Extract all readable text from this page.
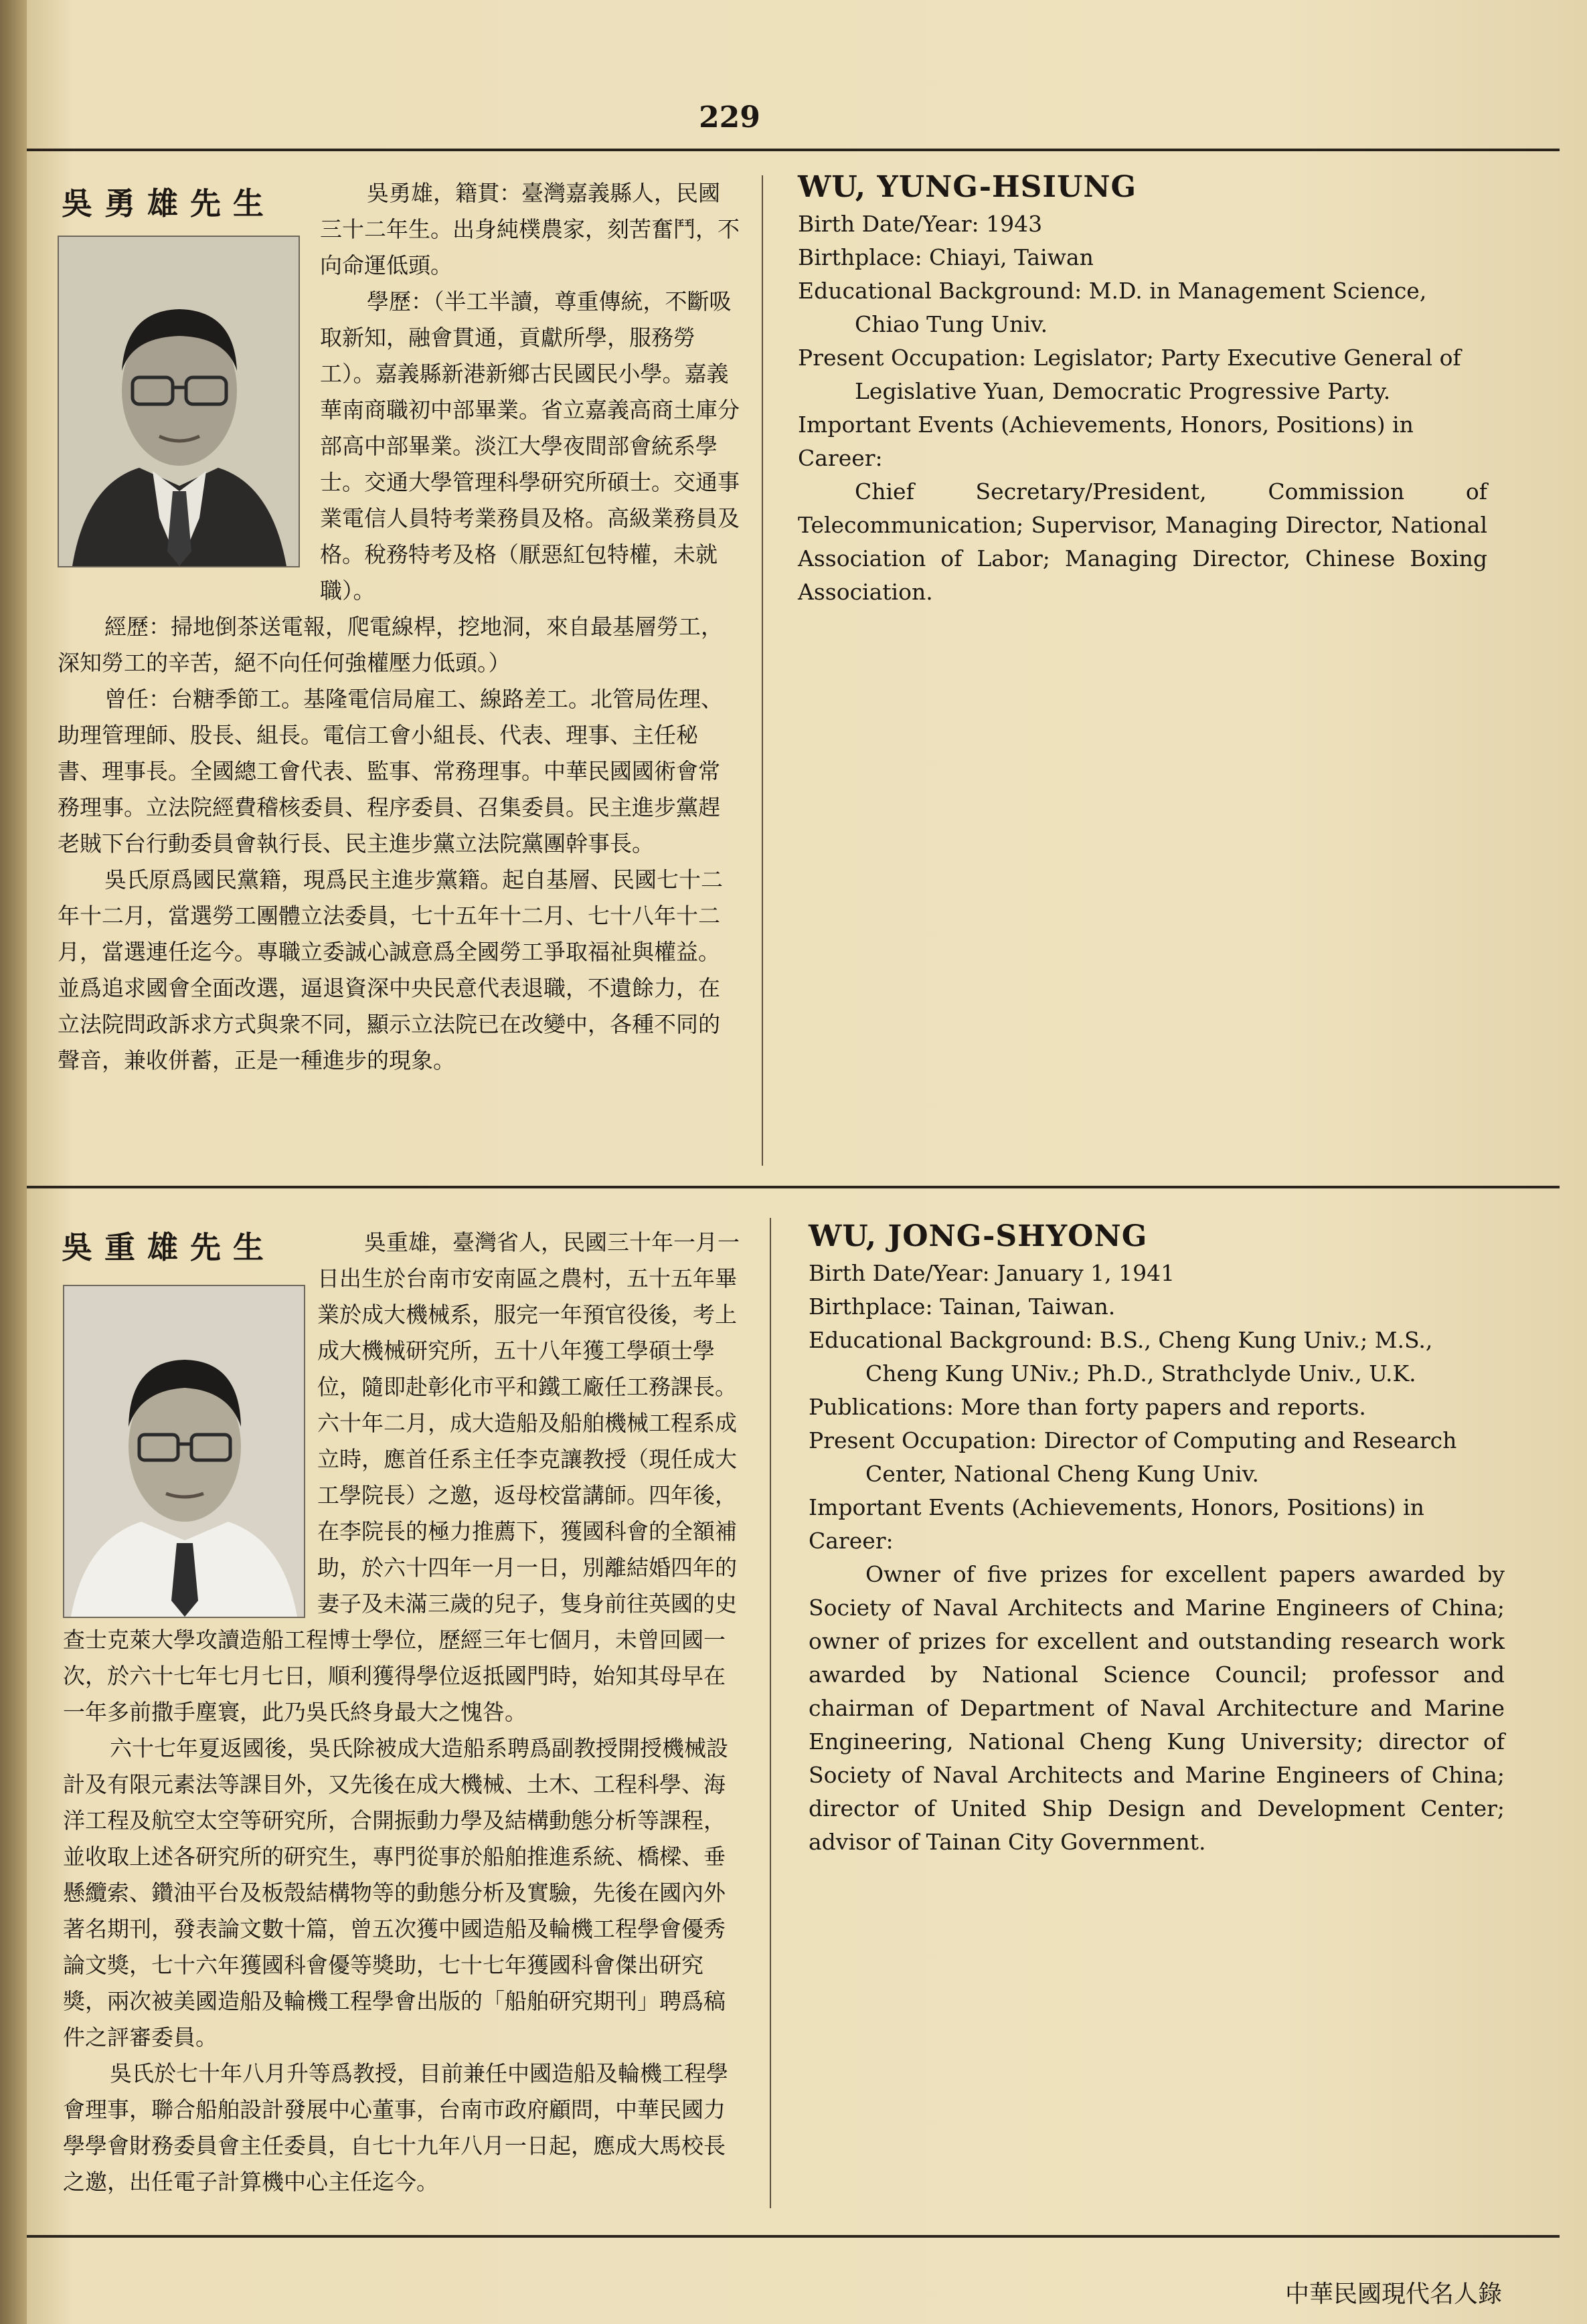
229
吳勇雄先生	吳勇雄，籍貫：臺灣嘉義縣人，民國三十二年生。出身純樸農家，刻苦奮鬥，不向命運低頭。

學歷：（半工半讀，尊重傳統，不斷吸取新知，融會貫通，貢獻所學，服務勞工）。嘉義縣新港新鄉古民國民小學。嘉義華南商職初中部畢業。省立嘉義高商土庫分部高中部畢業。淡江大學夜間部會統系學士。交通大學管理科學研究所碩士。交通事業電信人員特考業務員及格。高級業務員及格。稅務特考及格（厭惡紅包特權，未就職）。

經歷：掃地倒茶送電報，爬電線桿，挖地洞，來自最基層勞工，深知勞工的辛苦，絕不向任何強權壓力低頭。）

曾任：台糖季節工。基隆電信局雇工、線路差工。北管局佐理、助理管理師、股長、組長。電信工會小組長、代表、理事、主任秘書、理事長。全國總工會代表、監事、常務理事。中華民國國術會常務理事。立法院經費稽核委員、程序委員、召集委員。民主進步黨趕老賊下台行動委員會執行長、民主進步黨立法院黨團幹事長。

吳氏原爲國民黨籍，現爲民主進步黨籍。起自基層、民國七十二年十二月，當選勞工團體立法委員，七十五年十二月、七十八年十二月，當選連任迄今。專職立委誠心誠意爲全國勞工爭取福祉與權益。並爲追求國會全面改選，逼退資深中央民意代表退職，不遺餘力，在立法院問政訴求方式與衆不同，顯示立法院已在改變中，各種不同的聲音，兼收併蓄，正是一種進步的現象。

WU, YUNG-HSIUNG

Birth Date/Year: 1943

Birthplace: Chiayi, Taiwan

Educational Background: M.D. in Management Science, Chiao Tung Univ.

Present Occupation: Legislator; Party Executive General of Legislative Yuan, Democratic Progressive Party.

Important Events (Achievements, Honors, Positions) in Career:

Chief Secretary/President, Commission of Telecommunication; Supervisor, Managing Director, National Association of Labor; Managing Director, Chinese Boxing Association.

吳重雄先生	吳重雄，臺灣省人，民國三十年一月一日出生於台南市安南區之農村，五十五年畢業於成大機械系，服完一年預官役後，考上成大機械研究所，五十八年獲工學碩士學位，隨即赴彰化市平和鐵工廠任工務課長。六十年二月，成大造船及船舶機械工程系成立時，應首任系主任李克讓教授（現任成大工學院長）之邀，返母校當講師。四年後，在李院長的極力推薦下，獲國科會的全額補助，於六十四年一月一日，別離結婚四年的妻子及未滿三歲的兒子，隻身前往英國的史查士克萊大學攻讀造船工程博士學位，歷經三年七個月，未曾回國一次，於六十七年七月七日，順利獲得學位返抵國門時，始知其母早在一年多前撒手塵寰，此乃吳氏終身最大之愧咎。

六十七年夏返國後，吳氏除被成大造船系聘爲副教授開授機械設計及有限元素法等課目外，又先後在成大機械、土木、工程科學、海洋工程及航空太空等研究所，合開振動力學及結構動態分析等課程，並收取上述各研究所的研究生，專門從事於船舶推進系統、橋樑、垂懸纜索、鑽油平台及板殼結構物等的動態分析及實驗，先後在國內外著名期刊，發表論文數十篇，曾五次獲中國造船及輪機工程學會優秀論文獎，七十六年獲國科會優等獎助，七十七年獲國科會傑出研究獎，兩次被美國造船及輪機工程學會出版的「船舶研究期刊」聘爲稿件之評審委員。

吳氏於七十年八月升等爲教授，目前兼任中國造船及輪機工程學會理事，聯合船舶設計發展中心董事，台南市政府顧問，中華民國力學學會財務委員會主任委員，自七十九年八月一日起，應成大馬校長之邀，出任電子計算機中心主任迄今。

WU, JONG-SHYONG

Birth Date/Year: January 1, 1941

Birthplace: Tainan, Taiwan.

Educational Background: B.S., Cheng Kung Univ.; M.S., Cheng Kung UNiv.; Ph.D., Strathclyde Univ., U.K.

Publications: More than forty papers and reports.

Present Occupation: Director of Computing and Research Center, National Cheng Kung Univ.

Important Events (Achievements, Honors, Positions) in Career:

Owner of five prizes for excellent papers awarded by Society of Naval Architects and Marine Engineers of China; owner of prizes for excellent and outstanding research work awarded by National Science Council; professor and chairman of Department of Naval Architecture and Marine Engineering, National Cheng Kung University; director of Society of Naval Architects and Marine Engineers of China; director of United Ship Design and Development Center; advisor of Tainan City Government.

中華民國現代名人錄
